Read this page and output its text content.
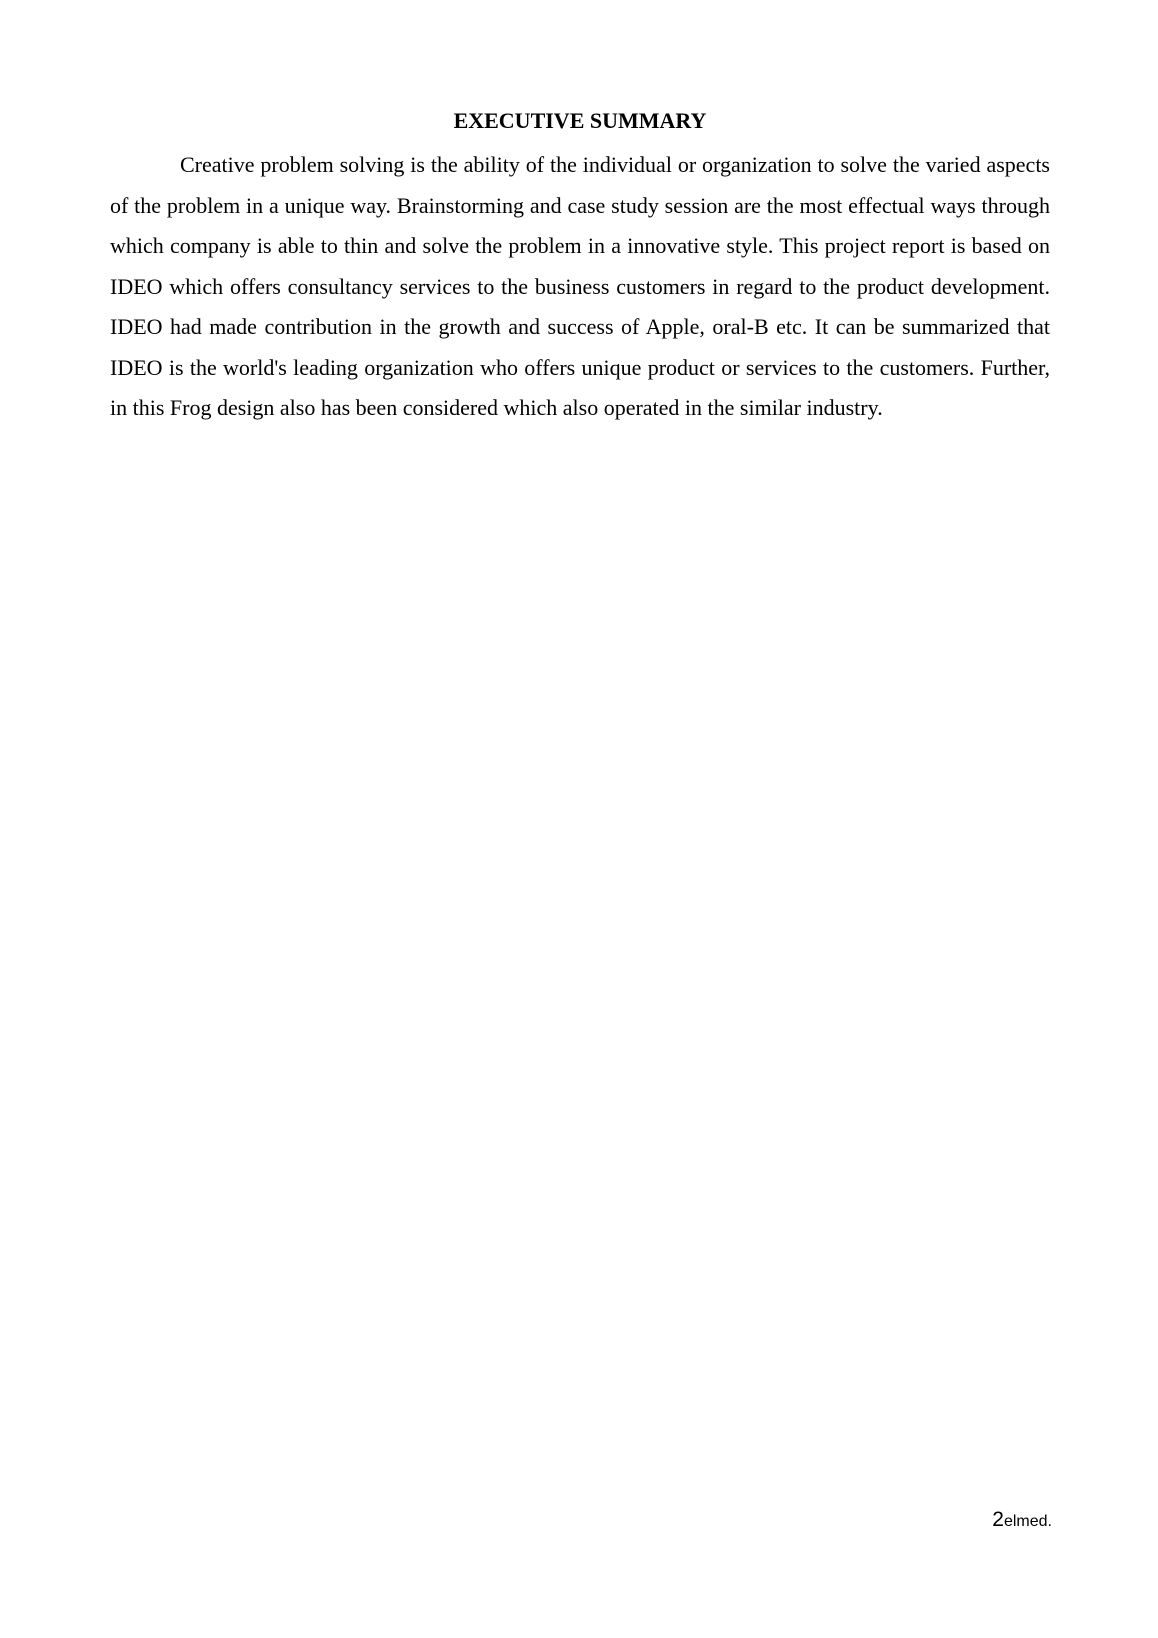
EXECUTIVE SUMMARY

Creative problem solving is the ability of the individual or organization to solve the varied aspects of the problem in a unique way. Brainstorming and case study session are the most effectual ways through which company is able to thin and solve the problem in a innovative style. This project report is based on IDEO which offers consultancy services to the business customers in regard to the product development. IDEO had made contribution in the growth and success of Apple, oral-B etc. It can be summarized that IDEO is the world's leading organization who offers unique product or services to the customers. Further, in this Frog design also has been considered which also operated in the similar industry.

2elmed.
